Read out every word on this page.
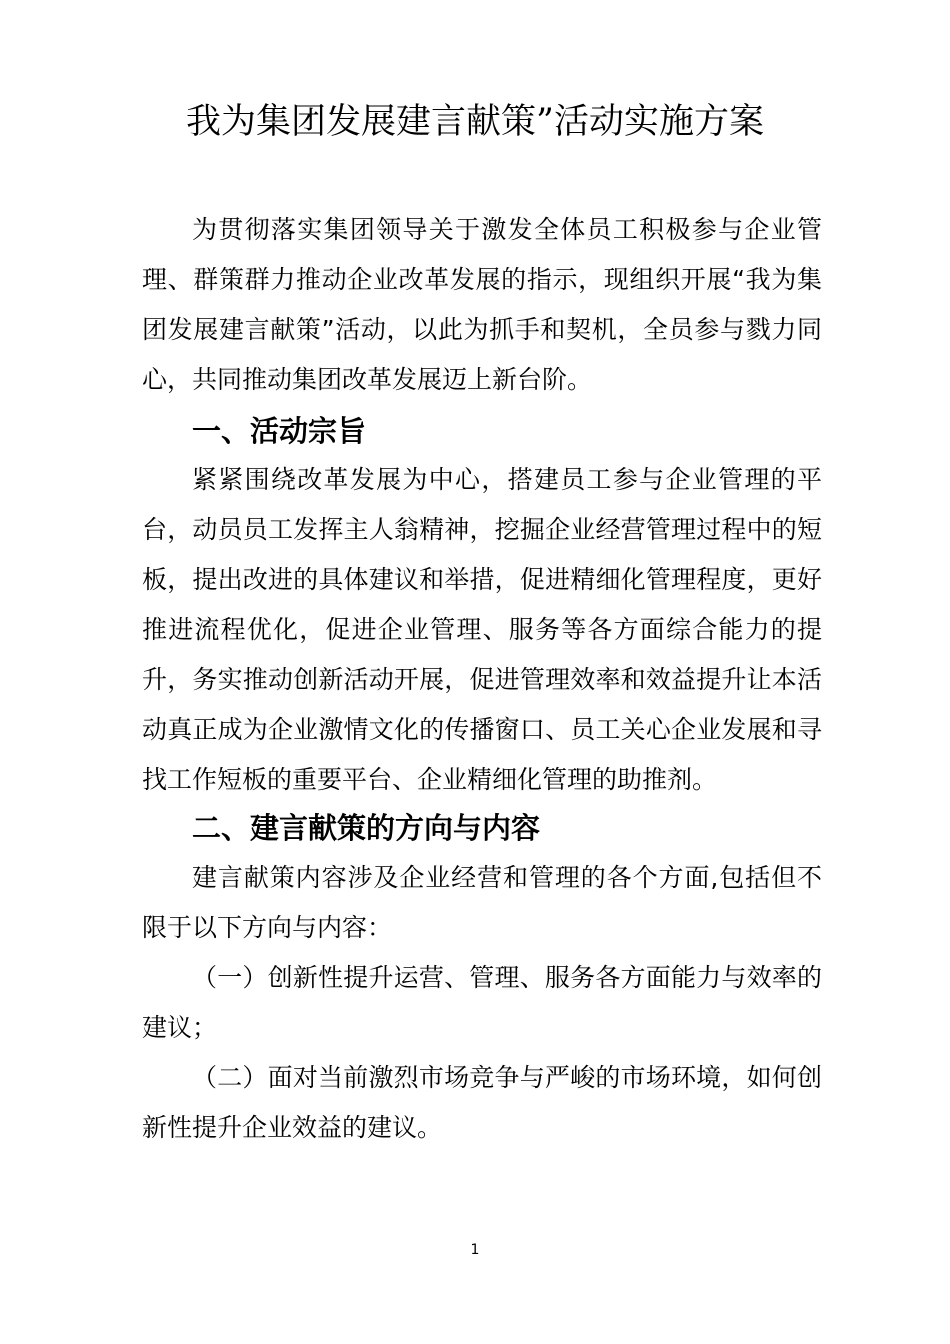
我为集团发展建言献策”活动实施方案

为贯彻落实集团领导关于激发全体员工积极参与企业管理、群策群力推动企业改革发展的指示，现组织开展“我为集团发展建言献策”活动，以此为抓手和契机，全员参与戮力同心，共同推动集团改革发展迈上新台阶。

一、活动宗旨

紧紧围绕改革发展为中心，搭建员工参与企业管理的平台，动员员工发挥主人翁精神，挖掘企业经营管理过程中的短板，提出改进的具体建议和举措，促进精细化管理程度，更好推进流程优化，促进企业管理、服务等各方面综合能力的提升，务实推动创新活动开展，促进管理效率和效益提升让本活动真正成为企业激情文化的传播窗口、员工关心企业发展和寻找工作短板的重要平台、企业精细化管理的助推剂。

二、建言献策的方向与内容

建言献策内容涉及企业经营和管理的各个方面,包括但不限于以下方向与内容：

（一）创新性提升运营、管理、服务各方面能力与效率的建议；

（二）面对当前激烈市场竞争与严峻的市场环境，如何创新性提升企业效益的建议。

1
